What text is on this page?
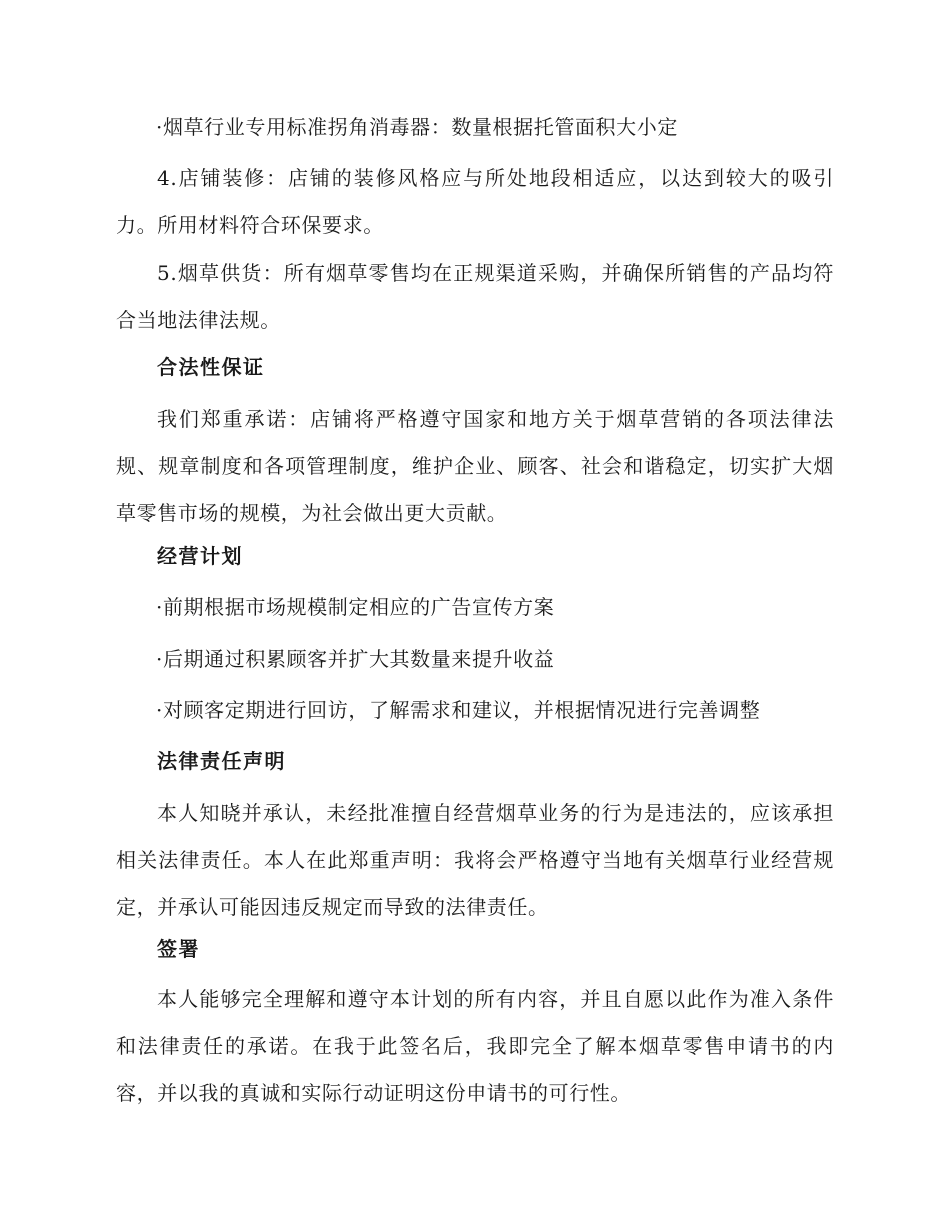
·烟草行业专用标准拐角消毒器：数量根据托管面积大小定

4.店铺装修：店铺的装修风格应与所处地段相适应，以达到较大的吸引力。所用材料符合环保要求。

5.烟草供货：所有烟草零售均在正规渠道采购，并确保所销售的产品均符合当地法律法规。

合法性保证

我们郑重承诺：店铺将严格遵守国家和地方关于烟草营销的各项法律法规、规章制度和各项管理制度，维护企业、顾客、社会和谐稳定，切实扩大烟草零售市场的规模，为社会做出更大贡献。

经营计划

·前期根据市场规模制定相应的广告宣传方案

·后期通过积累顾客并扩大其数量来提升收益

·对顾客定期进行回访，了解需求和建议，并根据情况进行完善调整

法律责任声明

本人知晓并承认，未经批准擅自经营烟草业务的行为是违法的，应该承担相关法律责任。本人在此郑重声明：我将会严格遵守当地有关烟草行业经营规定，并承认可能因违反规定而导致的法律责任。

签署

本人能够完全理解和遵守本计划的所有内容，并且自愿以此作为准入条件和法律责任的承诺。在我于此签名后，我即完全了解本烟草零售申请书的内容，并以我的真诚和实际行动证明这份申请书的可行性。
